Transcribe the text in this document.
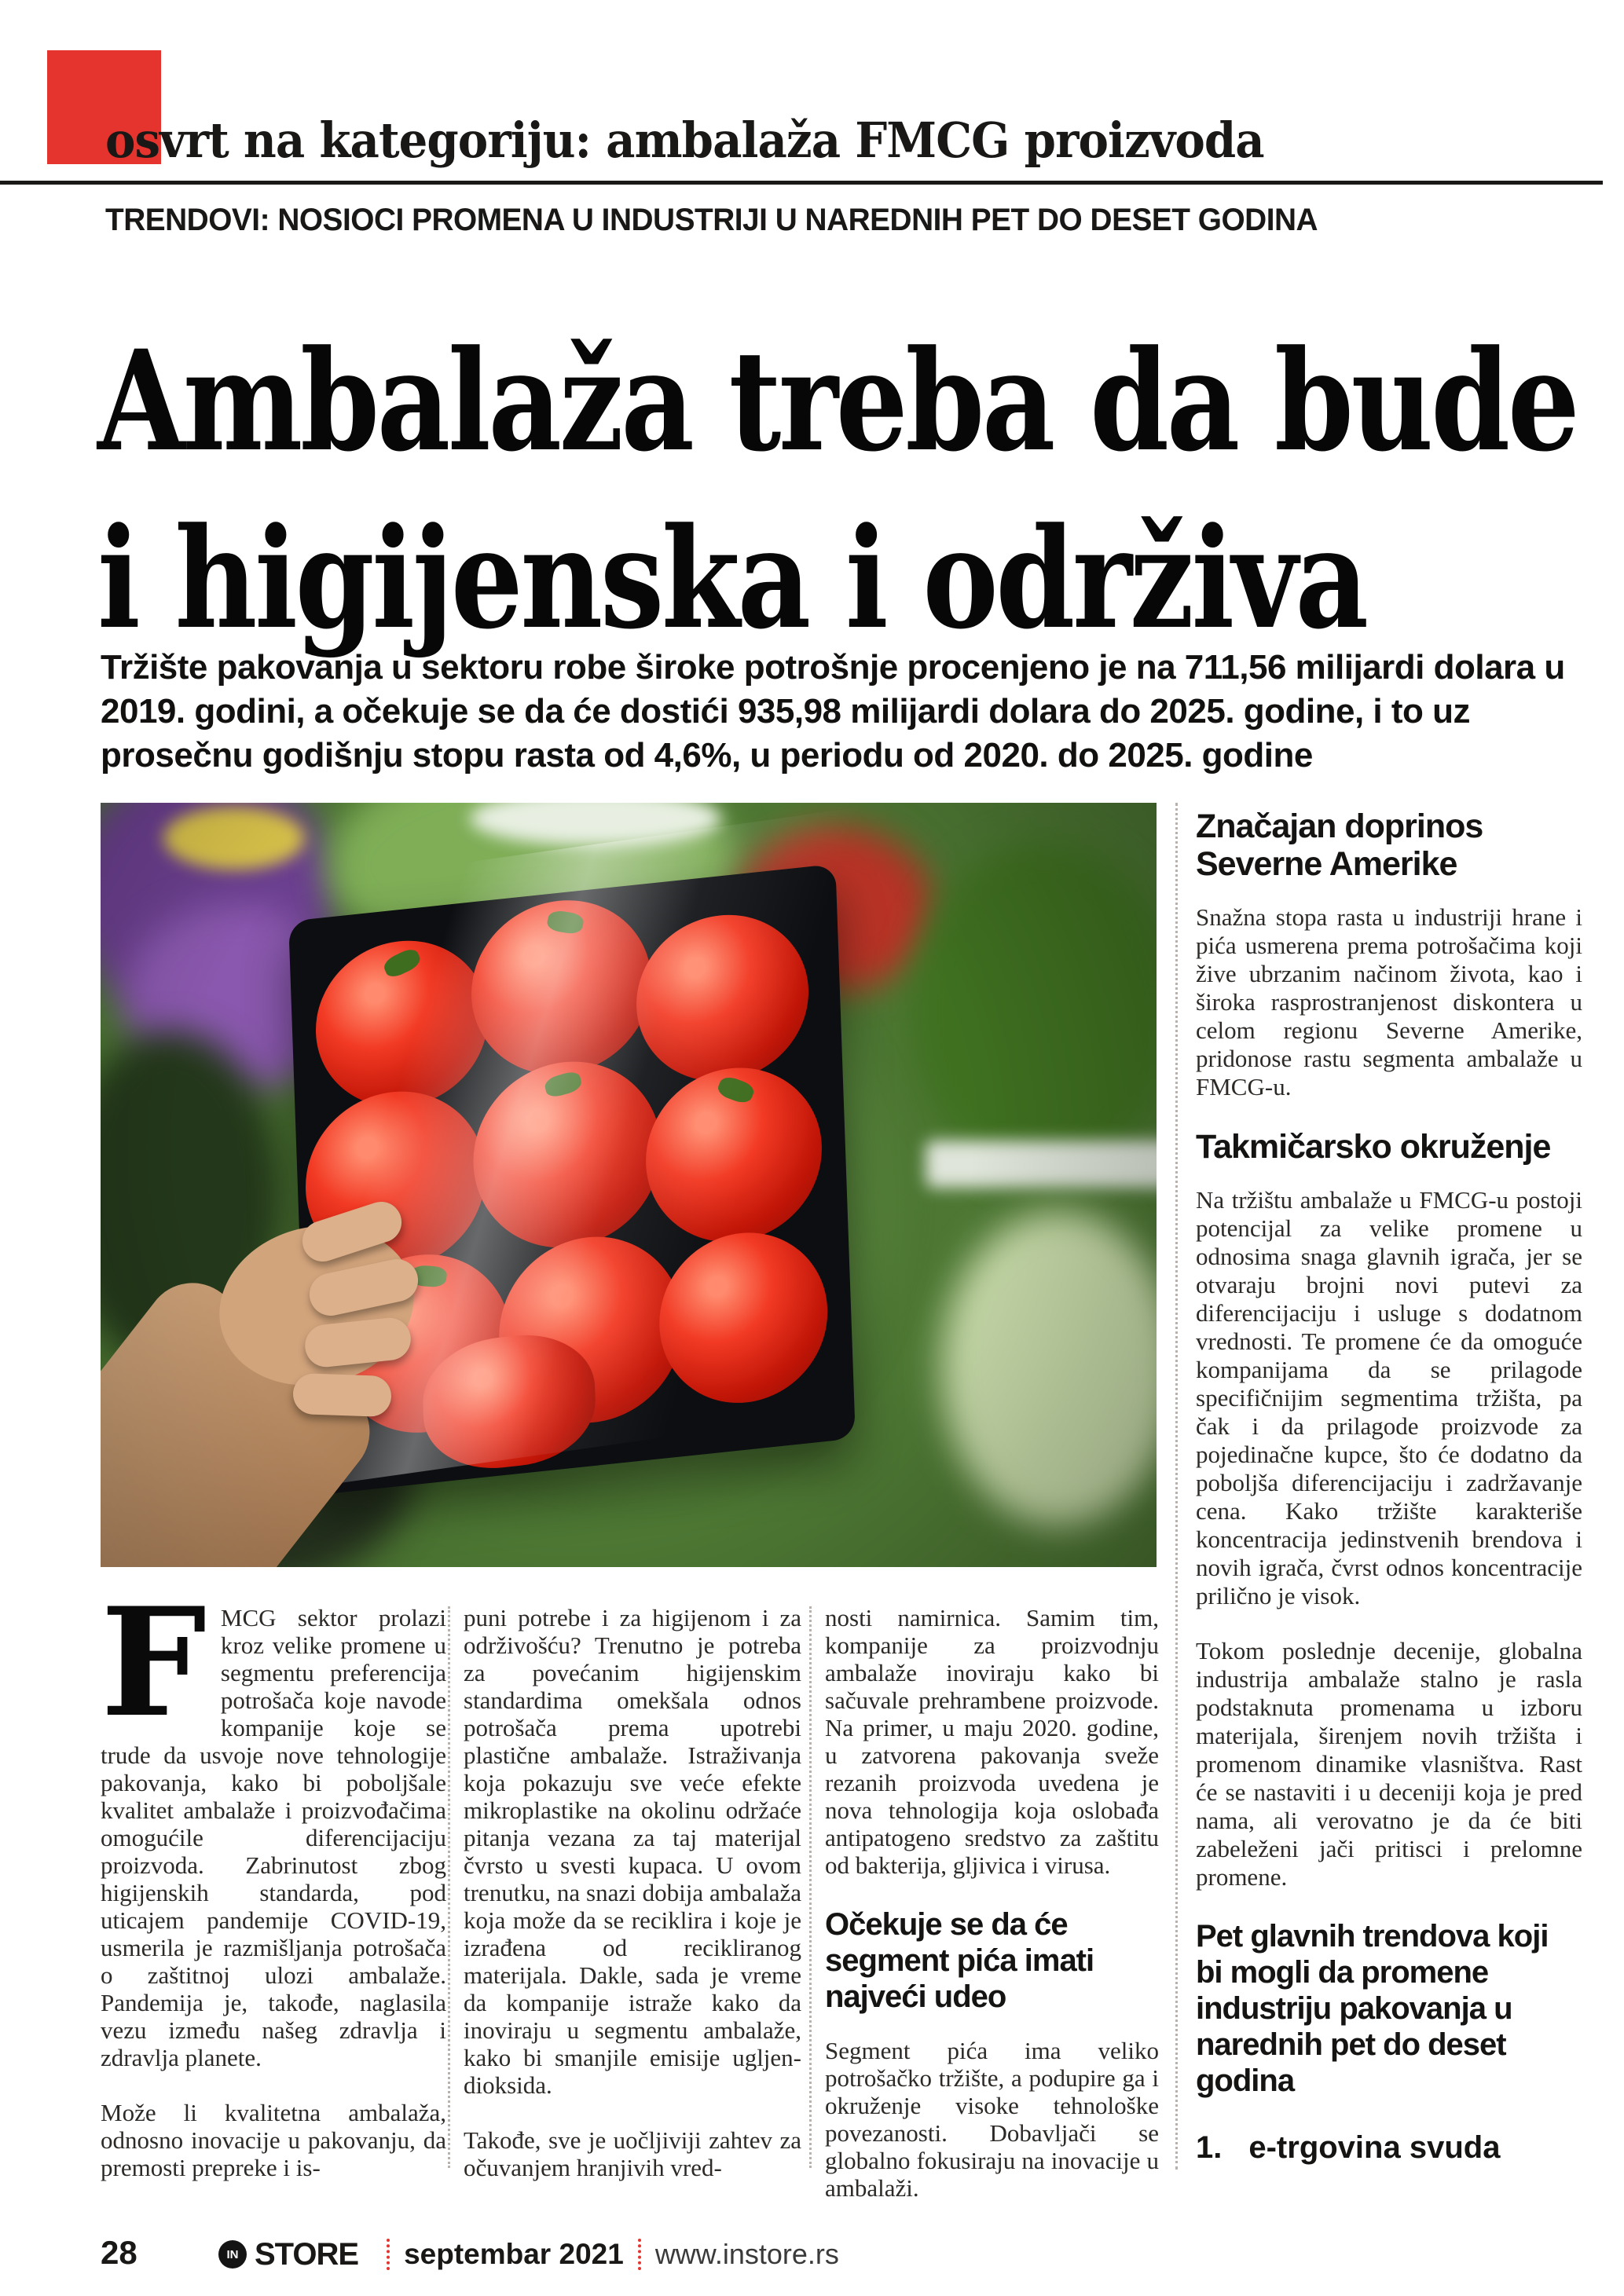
osvrt na kategoriju: ambalaža FMCG proizvoda
TRENDOVI: NOSIOCI PROMENA U INDUSTRIJI U NAREDNIH PET DO DESET GODINA
Ambalaža treba da bude
i higijenska i održiva

Tržište pakovanja u sektoru robe široke potrošnje procenjeno je na 711,56 milijardi dolara u 2019. godini, a očekuje se da će dostići 935,98 milijardi dolara do 2025. godine, i to uz prosečnu godišnju stopu rasta od 4,6%, u periodu od 2020. do 2025. godine

Značajan doprinos Severne Amerike

Snažna stopa rasta u industriji hrane i pića usmerena prema potrošačima koji žive ubrzanim načinom života, kao i široka rasprostranjenost diskontera u celom regionu Severne Amerike, pridonose rastu segmenta ambalaže u FMCG-u.

Takmičarsko okruženje

Na tržištu ambalaže u FMCG-u postoji potencijal za velike promene u odnosima snaga glavnih igrača, jer se otvaraju brojni novi putevi za diferencijaciju i usluge s dodatnom vrednosti. Te promene će da omoguće kompanijama da se prilagode specifičnijim segmentima tržišta, pa čak i da prilagode proizvode za pojedinačne kupce, što će dodatno da poboljša diferencijaciju i zadržavanje cena. Kako tržište karakteriše koncentracija jedinstvenih brendova i novih igrača, čvrst odnos koncentracije prilično je visok.

Tokom poslednje decenije, globalna industrija ambalaže stalno je rasla podstaknuta promenama u izboru materijala, širenjem novih tržišta i promenom dinamike vlasništva. Rast će se nastaviti i u deceniji koja je pred nama, ali verovatno je da će biti zabeleženi jači pritisci i prelomne promene.

Pet glavnih trendova koji bi mogli da promene industriju pakovanja u narednih pet do deset godina
1. e-trgovina svuda

FMCG sektor prolazi kroz velike promene u segmentu preferencija potrošača koje navode kompanije koje se trude da usvoje nove tehnologije pakovanja, kako bi poboljšale kvalitet ambalaže i proizvođačima omogućile diferencijaciju proizvoda. Zabrinutost zbog higijenskih standarda, pod uticajem pandemije COVID-19, usmerila je razmišljanja potrošača o zaštitnoj ulozi ambalaže. Pandemija je, takođe, naglasila vezu između našeg zdravlja i zdravlja planete.

Može li kvalitetna ambalaža, odnosno inovacije u pakovanju, da premosti prepreke i is-

puni potrebe i za higijenom i za održivošću? Trenutno je potreba za povećanim higijenskim standardima omekšala odnos potrošača prema upotrebi plastične ambalaže. Istraživanja koja pokazuju sve veće efekte mikroplastike na okolinu održaće pitanja vezana za taj materijal čvrsto u svesti kupaca. U ovom trenutku, na snazi dobija ambalaža koja može da se reciklira i koje je izrađena od recikliranog materijala. Dakle, sada je vreme da kompanije istraže kako da inoviraju u segmentu ambalaže, kako bi smanjile emisije ugljen-dioksida.

Takođe, sve je uočljiviji zahtev za očuvanjem hranjivih vred-

nosti namirnica. Samim tim, kompanije za proizvodnju ambalaže inoviraju kako bi sačuvale prehrambene proizvode. Na primer, u maju 2020. godine, u zatvorena pakovanja sveže rezanih proizvoda uvedena je nova tehnologija koja oslobađa antipatogeno sredstvo za zaštitu od bakterija, gljivica i virusa.

Očekuje se da će segment pića imati najveći udeo

Segment pića ima veliko potrošačko tržište, a podupire ga i okruženje visoke tehnološke povezanosti. Dobavljači se globalno fokusiraju na inovacije u ambalaži.

28	IN STORE septembar 2021 www.instore.rs
